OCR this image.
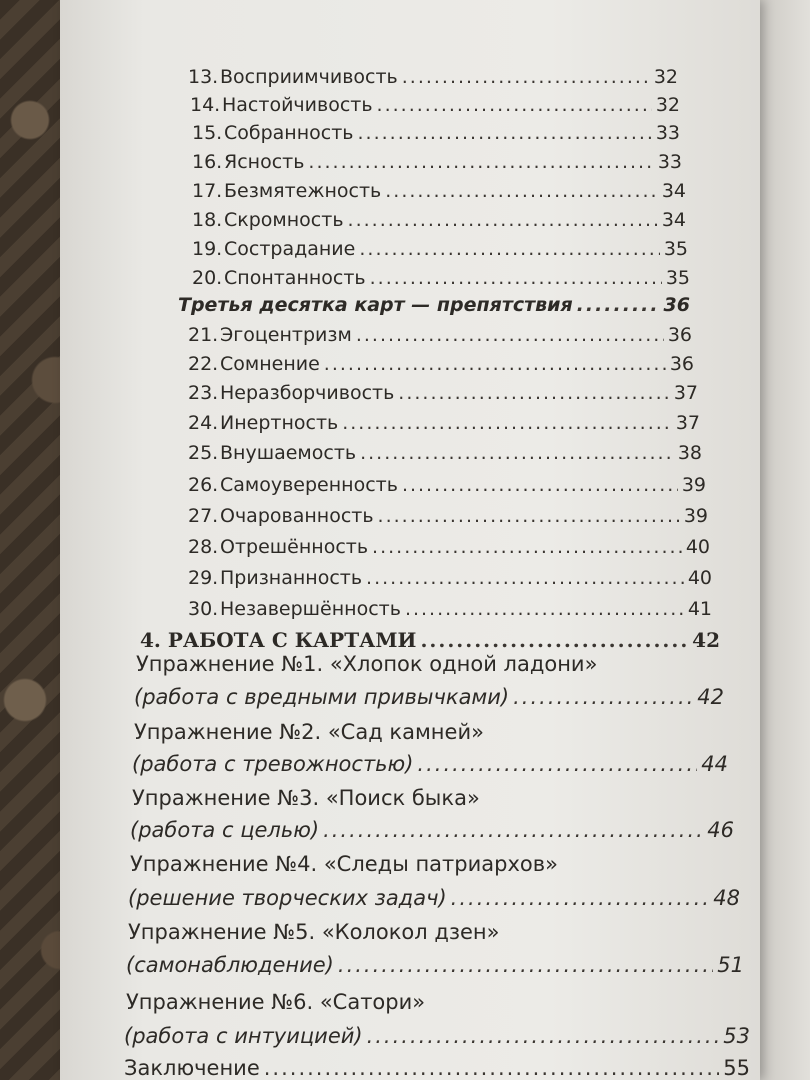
13. Восприимчивость .....	32
14. Настойчивость .....	32
15. Собранность .....	33
16. Ясность .....	33
17. Безмятежность .....	34
18. Скромность .....	34
19. Сострадание .....	35
20. Спонтанность .....	35
Третья десятка карт — препятствия .....	36
21. Эгоцентризм .....	36
22. Сомнение .....	36
23. Неразборчивость .....	37
24. Инертность .....	37
25. Внушаемость .....	38
26. Самоуверенность .....	39
27. Очарованность .....	39
28. Отрешённость .....	40
29. Признанность .....	40
30. Незавершённость .....	41
4. РАБОТА С КАРТАМИ .....	42
Упражнение №1. «Хлопок одной ладони»
(работа с вредными привычками) .....	42
Упражнение №2. «Сад камней»
(работа с тревожностью) .....	44
Упражнение №3. «Поиск быка»
(работа с целью) .....	46
Упражнение №4. «Следы патриархов»
(решение творческих задач) .....	48
Упражнение №5. «Колокол дзен»
(самонаблюдение) .....	51
Упражнение №6. «Сатори»
(работа с интуицией) .....	53
Заключение .....	55
